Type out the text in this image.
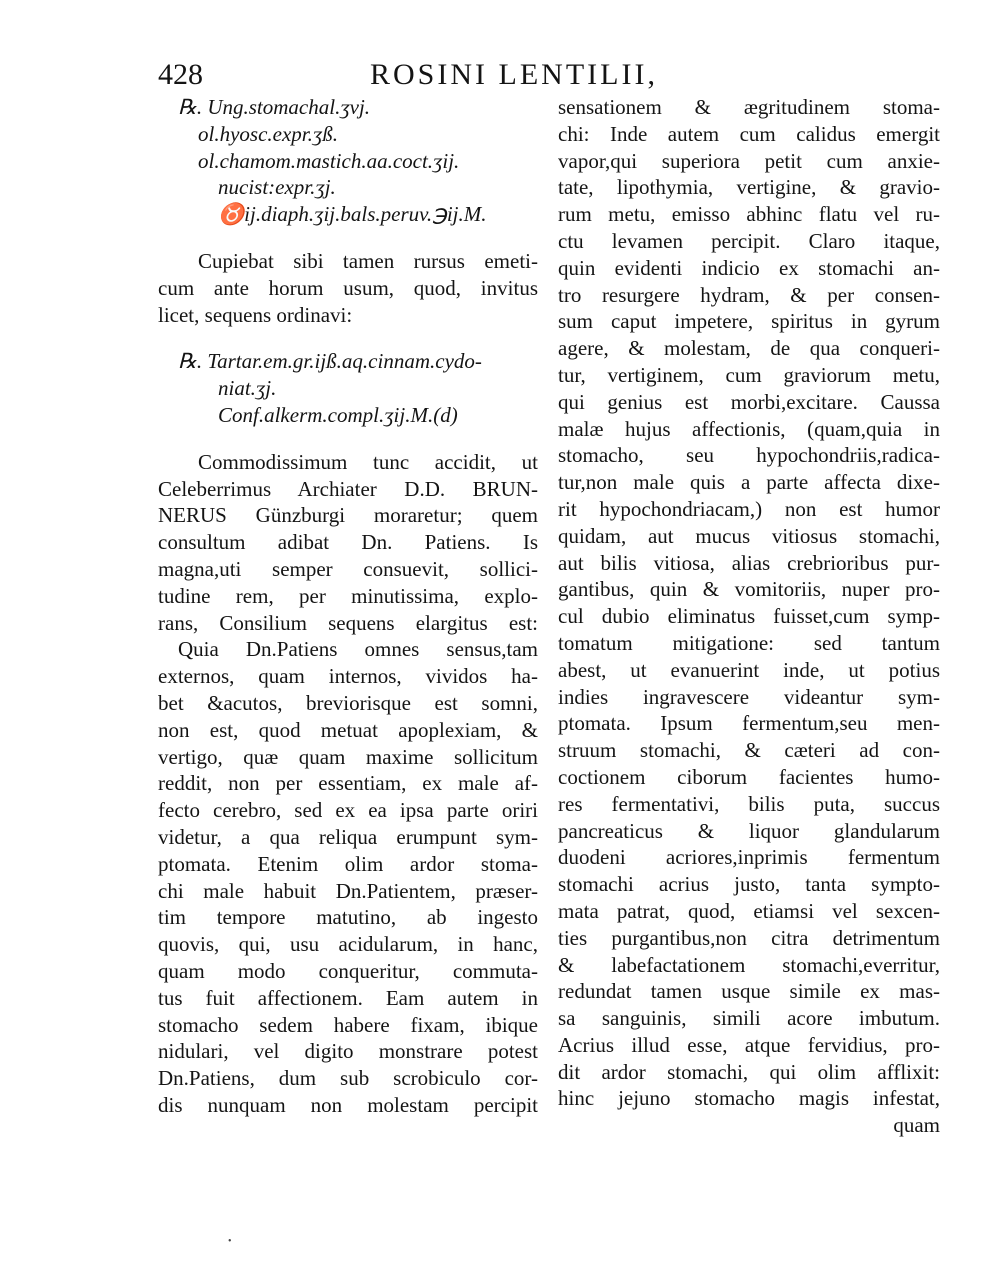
428	ROSINI LENTILII,
℞. Ung.stomachal.ʒvj.
ol.hyosc.expr.ʒß.
ol.chamom.mastich.aa.coct.ʒij.
nucist:expr.ʒj.
♉ij.diaph.ʒij.bals.peruv.℈ij.M.
Cupiebat sibi tamen rursus emeti-
cum ante horum usum, quod, invitus
licet, sequens ordinavi:
℞. Tartar.em.gr.ijß.aq.cinnam.cydo-
niat.ʒj.
Conf.alkerm.compl.ʒij.M.(d)
Commodissimum tunc accidit, ut
Celeberrimus Archiater D.D. BRUN-
NERUS Günzburgi moraretur; quem
consultum adibat Dn. Patiens. Is
magna,uti semper consuevit, sollici-
tudine rem, per minutissima, explo-
rans, Consilium sequens elargitus est:
Quia Dn.Patiens omnes sensus,tam
externos, quam internos, vividos ha-
bet &acutos, breviorisque est somni,
non est, quod metuat apoplexiam, &
vertigo, quæ quam maxime sollicitum
reddit, non per essentiam, ex male af-
fecto cerebro, sed ex ea ipsa parte oriri
videtur, a qua reliqua erumpunt sym-
ptomata. Etenim olim ardor stoma-
chi male habuit Dn.Patientem, præser-
tim tempore matutino, ab ingesto
quovis, qui, usu acidularum, in hanc,
quam modo conqueritur, commuta-
tus fuit affectionem. Eam autem in
stomacho sedem habere fixam, ibique
nidulari, vel digito monstrare potest
Dn.Patiens, dum sub scrobiculo cor-
dis nunquam non molestam percipit
sensationem & ægritudinem stoma-
chi: Inde autem cum calidus emergit
vapor,qui superiora petit cum anxie-
tate, lipothymia, vertigine, & gravio-
rum metu, emisso abhinc flatu vel ru-
ctu levamen percipit. Claro itaque,
quin evidenti indicio ex stomachi an-
tro resurgere hydram, & per consen-
sum caput impetere, spiritus in gyrum
agere, & molestam, de qua conqueri-
tur, vertiginem, cum graviorum metu,
qui genius est morbi,excitare. Caussa
malæ hujus affectionis, (quam,quia in
stomacho, seu hypochondriis,radica-
tur,non male quis a parte affecta dixe-
rit hypochondriacam,) non est humor
quidam, aut mucus vitiosus stomachi,
aut bilis vitiosa, alias crebrioribus pur-
gantibus, quin & vomitoriis, nuper pro-
cul dubio eliminatus fuisset,cum symp-
tomatum mitigatione: sed tantum
abest, ut evanuerint inde, ut potius
indies ingravescere videantur sym-
ptomata. Ipsum fermentum,seu men-
struum stomachi, & cæteri ad con-
coctionem ciborum facientes humo-
res fermentativi, bilis puta, succus
pancreaticus & liquor glandularum
duodeni acriores,inprimis fermentum
stomachi acrius justo, tanta sympto-
mata patrat, quod, etiamsi vel sexcen-
ties purgantibus,non citra detrimentum
& labefactationem stomachi,everritur,
redundat tamen usque simile ex mas-
sa sanguinis, simili acore imbutum.
Acrius illud esse, atque fervidius, pro-
dit ardor stomachi, qui olim afflixit:
hinc jejuno stomacho magis infestat,
quam
•
